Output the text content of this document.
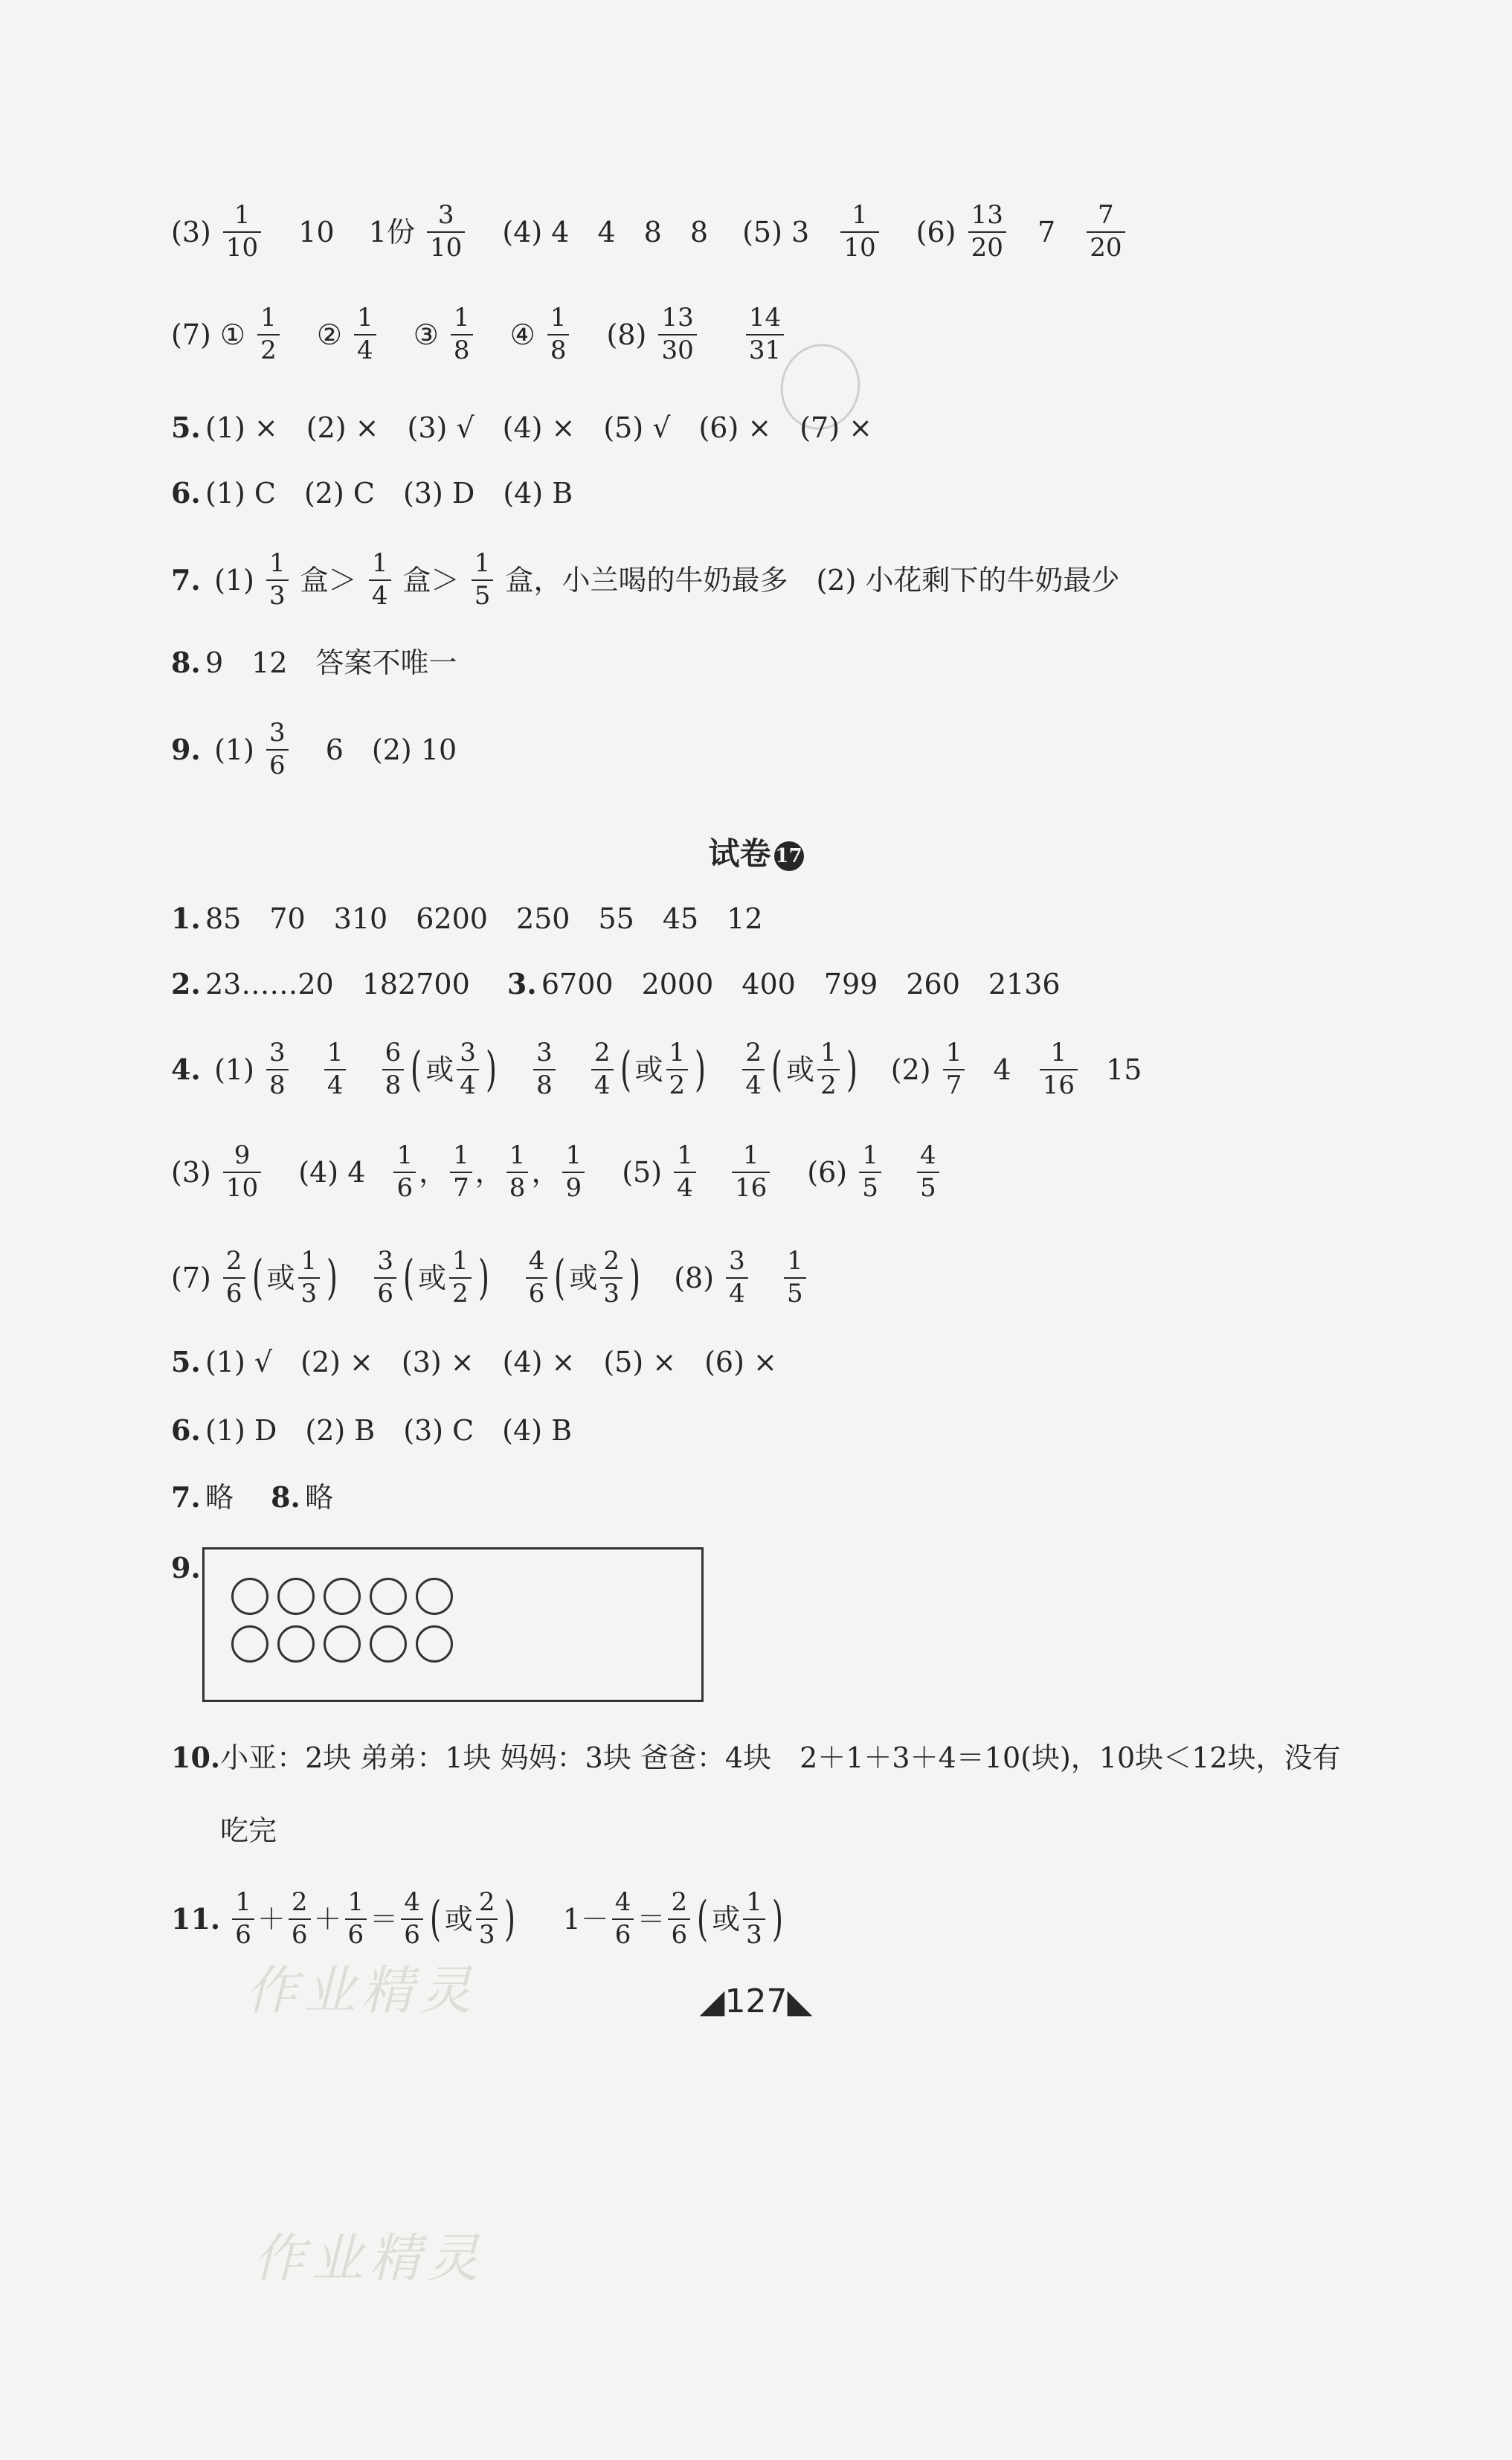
$(3) \frac{1}{10} 10$ 1份 $\frac{3}{10} (4)$ 4　4　8　8 (5) $3 \frac{1}{10} (6) \frac{13}{20} 7 \frac{7}{20}$
(7) ① $\frac{1}{2}$ ② $\frac{1}{4}$ ③ $\frac{1}{8}$ ④ $\frac{1}{8} (8) \frac{13}{30}$
$\frac{14}{31}$
5. (1) ×　(2) ×　(3) √　(4) ×　(5) √　(6) ×　(7) ×
6. (1) C　(2) C　(3) D　(4) B
7. $(1) \frac{1}{3}$ 盒＞ $\frac{1}{4}$ 盒＞ $\frac{1}{5}$ 盒，小兰喝的牛奶最多　(2) 小花剩下的牛奶最少
8. 9　12　答案不唯一
9. $(1) \frac{3}{6} 6$　(2) 10
试卷 17
1. 85　70　310　6200　250　55　45　12
2. 23……20　182700　 3. 6700　2000　400　799　260　2136
4. $(1) \frac{3}{8}$
$\frac{1}{4}$
$\frac{6}{8}$ ( 或 $\frac{3}{4}$ ) $\frac{3}{8}$
$\frac{2}{4}$ ( 或 $\frac{1}{2}$ ) $\frac{2}{4}$ ( 或 $\frac{1}{2}$ ) $(2) \frac{1}{7} 4 \frac{1}{16} 15$
$(3) \frac{9}{10} (4)$ $4 \frac{1}{6}$ ， $\frac{1}{7}$ ， $\frac{1}{8}$ ， $\frac{1}{9} (5) \frac{1}{4}$
$\frac{1}{16} (6) \frac{1}{5}$
$\frac{4}{5}$
$(7) \frac{2}{6}$ ( 或 $\frac{1}{3}$ ) $\frac{3}{6}$ ( 或 $\frac{1}{2}$ ) $\frac{4}{6}$ ( 或 $\frac{2}{3}$ ) $(8) \frac{3}{4}$
$\frac{1}{5}$
5. (1) √　(2) ×　(3) ×　(4) ×　(5) ×　(6) ×
6. (1) D　(2) B　(3) C　(4) B
7. 略　 8. 略
9.
10.小亚：2块 弟弟：1块 妈妈：3块 爸爸：4块　2＋1＋3＋4＝10(块)，10块＜12块，没有
吃完
11. $\frac{1}{6} + \frac{2}{6} + \frac{1}{6} = \frac{4}{6}$ ( 或 $\frac{2}{3}$ ) $1- \frac{4}{6} = \frac{2}{6}$ ( 或 $\frac{1}{3}$ )
作业精灵	◢127◣
作业精灵
